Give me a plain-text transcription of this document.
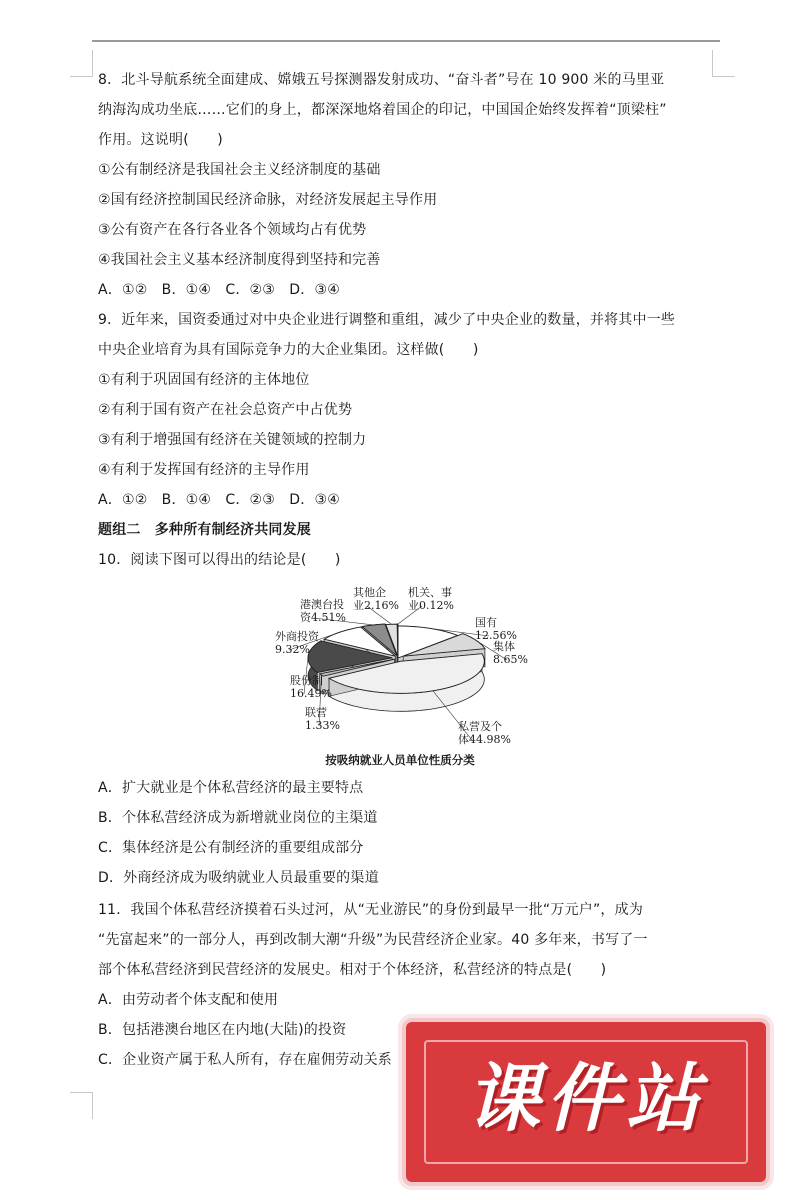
8．北斗导航系统全面建成、嫦娥五号探测器发射成功、“奋斗者”号在 10 900 米的马里亚
纳海沟成功坐底……它们的身上，都深深地烙着国企的印记，中国国企始终发挥着“顶梁柱”
作用。这说明(　　)
①公有制经济是我国社会主义经济制度的基础
②国有经济控制国民经济命脉，对经济发展起主导作用
③公有资产在各行各业各个领域均占有优势
④我国社会主义基本经济制度得到坚持和完善
A．①②　B．①④　C．②③　D．③④
9．近年来，国资委通过对中央企业进行调整和重组，减少了中央企业的数量，并将其中一些
中央企业培育为具有国际竞争力的大企业集团。这样做(　　)
①有利于巩固国有经济的主体地位
②有利于国有资产在社会总资产中占优势
③有利于增强国有经济在关键领域的控制力
④有利于发挥国有经济的主导作用
A．①②　B．①④　C．②③　D．③④
题组二　多种所有制经济共同发展
10．阅读下图可以得出的结论是(　　)
国有
12.56%
集体
8.65%
私营及个
体44.98%
联营
1.33%
股份制
16.49%
外商投资
9.32%
港澳台投
资4.51%
其他企
业2.16%
机关、事
业0.12%
按吸纳就业人员单位性质分类
A．扩大就业是个体私营经济的最主要特点
B．个体私营经济成为新增就业岗位的主渠道
C．集体经济是公有制经济的重要组成部分
D．外商经济成为吸纳就业人员最重要的渠道
11．我国个体私营经济摸着石头过河，从“无业游民”的身份到最早一批“万元户”，成为
“先富起来”的一部分人，再到改制大潮“升级”为民营经济企业家。40 多年来，书写了一
部个体私营经济到民营经济的发展史。相对于个体经济，私营经济的特点是(　　)
A．由劳动者个体支配和使用
B．包括港澳台地区在内地(大陆)的投资
C．企业资产属于私人所有，存在雇佣劳动关系	课件站
